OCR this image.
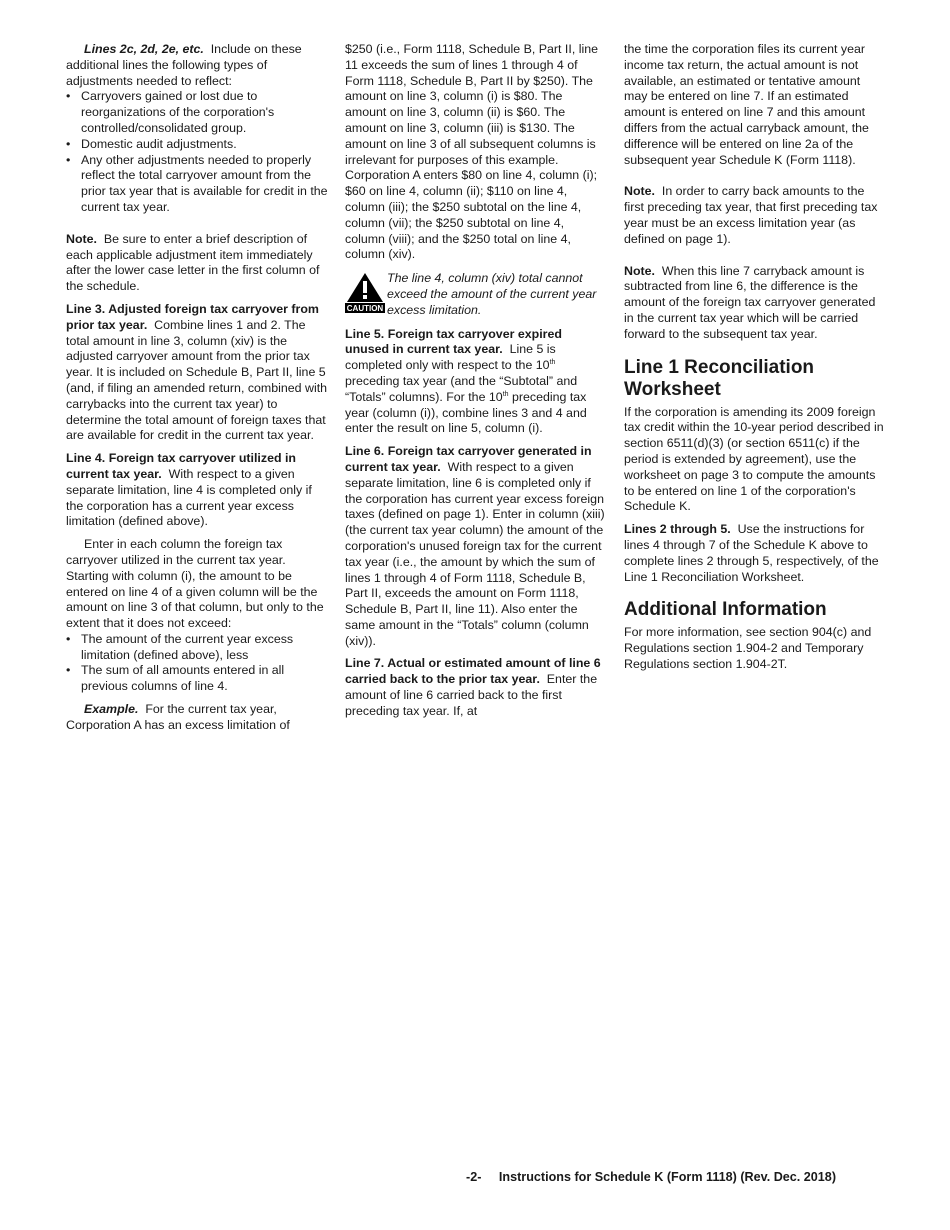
Lines 2c, 2d, 2e, etc. Include on these additional lines the following types of adjustments needed to reflect:

• Carryovers gained or lost due to reorganizations of the corporation's controlled/consolidated group.
• Domestic audit adjustments.
• Any other adjustments needed to properly reflect the total carryover amount from the prior tax year that is available for credit in the current tax year.

Note. Be sure to enter a brief description of each applicable adjustment item immediately after the lower case letter in the first column of the schedule.

Line 3. Adjusted foreign tax carryover from prior tax year. Combine lines 1 and 2. The total amount in line 3, column (xiv) is the adjusted carryover amount from the prior tax year. It is included on Schedule B, Part II, line 5 (and, if filing an amended return, combined with carrybacks into the current tax year) to determine the total amount of foreign taxes that are available for credit in the current tax year.

Line 4. Foreign tax carryover utilized in current tax year. With respect to a given separate limitation, line 4 is completed only if the corporation has a current year excess limitation (defined above).

Enter in each column the foreign tax carryover utilized in the current tax year. Starting with column (i), the amount to be entered on line 4 of a given column will be the amount on line 3 of that column, but only to the extent that it does not exceed:

• The amount of the current year excess limitation (defined above), less
• The sum of all amounts entered in all previous columns of line 4.

Example. For the current tax year, Corporation A has an excess limitation of

$250 (i.e., Form 1118, Schedule B, Part II, line 11 exceeds the sum of lines 1 through 4 of Form 1118, Schedule B, Part II by $250). The amount on line 3, column (i) is $80. The amount on line 3, column (ii) is $60. The amount on line 3, column (iii) is $130. The amount on line 3 of all subsequent columns is irrelevant for purposes of this example. Corporation A enters $80 on line 4, column (i); $60 on line 4, column (ii); $110 on line 4, column (iii); the $250 subtotal on the line 4, column (vii); the $250 subtotal on line 4, column (viii); and the $250 total on line 4, column (xiv).

CAUTION
The line 4, column (xiv) total cannot exceed the amount of the current year excess limitation.

Line 5. Foreign tax carryover expired unused in current tax year. Line 5 is completed only with respect to the 10th preceding tax year (and the “Subtotal” and “Totals” columns). For the 10th preceding tax year (column (i)), combine lines 3 and 4 and enter the result on line 5, column (i).

Line 6. Foreign tax carryover generated in current tax year. With respect to a given separate limitation, line 6 is completed only if the corporation has current year excess foreign taxes (defined on page 1). Enter in column (xiii) (the current tax year column) the amount of the corporation's unused foreign tax for the current tax year (i.e., the amount by which the sum of lines 1 through 4 of Form 1118, Schedule B, Part II, exceeds the amount on Form 1118, Schedule B, Part II, line 11). Also enter the same amount in the “Totals” column (column (xiv)).

Line 7. Actual or estimated amount of line 6 carried back to the prior tax year. Enter the amount of line 6 carried back to the first preceding tax year. If, at

the time the corporation files its current year income tax return, the actual amount is not available, an estimated or tentative amount may be entered on line 7. If an estimated amount is entered on line 7 and this amount differs from the actual carryback amount, the difference will be entered on line 2a of the subsequent year Schedule K (Form 1118).

Note. In order to carry back amounts to the first preceding tax year, that first preceding tax year must be an excess limitation year (as defined on page 1).

Note. When this line 7 carryback amount is subtracted from line 6, the difference is the amount of the foreign tax carryover generated in the current tax year which will be carried forward to the subsequent tax year.

Line 1 Reconciliation Worksheet

If the corporation is amending its 2009 foreign tax credit within the 10-year period described in section 6511(d)(3) (or section 6511(c) if the period is extended by agreement), use the worksheet on page 3 to compute the amounts to be entered on line 1 of the corporation's Schedule K.

Lines 2 through 5. Use the instructions for lines 4 through 7 of the Schedule K above to complete lines 2 through 5, respectively, of the Line 1 Reconciliation Worksheet.

Additional Information

For more information, see section 904(c) and Regulations section 1.904-2 and Temporary Regulations section 1.904-2T.

-2- Instructions for Schedule K (Form 1118) (Rev. Dec. 2018)
